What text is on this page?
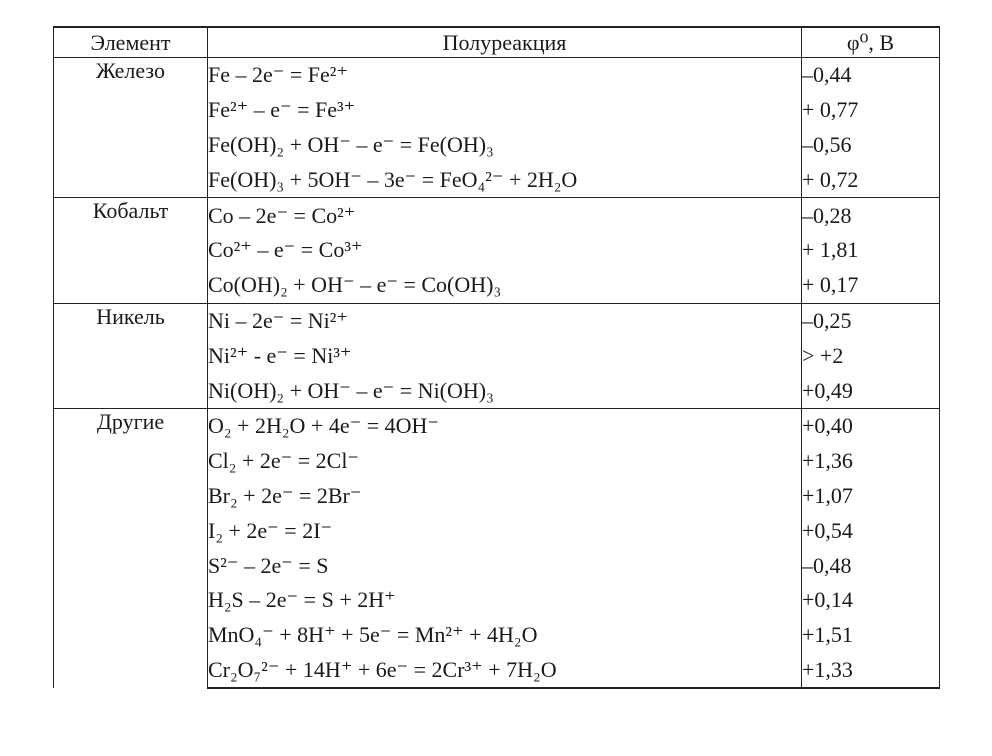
Элемент	Полуреакция	φ⁰, В
Железо	Fe – 2e⁻ = Fe²⁺	–0,44
	Fe²⁺ – e⁻ = Fe³⁺	+ 0,77
	Fe(OH)₂ + OH⁻ – e⁻ = Fe(OH)₃	–0,56
	Fe(OH)₃ + 5OH⁻ – 3e⁻ = FeO₄²⁻ + 2H₂O	+ 0,72
Кобальт	Co – 2e⁻ = Co²⁺	–0,28
	Co²⁺ – e⁻ = Co³⁺	+ 1,81
	Co(OH)₂ + OH⁻ – e⁻ = Co(OH)₃	+ 0,17
Никель	Ni – 2e⁻ = Ni²⁺	–0,25
	Ni²⁺ - e⁻ = Ni³⁺	> +2
	Ni(OH)₂ + OH⁻ – e⁻ = Ni(OH)₃	+0,49
Другие	O₂ + 2H₂O + 4e⁻ = 4OH⁻	+0,40
	Cl₂ + 2e⁻ = 2Cl⁻	+1,36
	Br₂ + 2e⁻ = 2Br⁻	+1,07
	I₂ + 2e⁻ = 2I⁻	+0,54
	S²⁻ – 2e⁻ = S	–0,48
	H₂S – 2e⁻ = S + 2H⁺	+0,14
	MnO₄⁻ + 8H⁺ + 5e⁻ = Mn²⁺ + 4H₂O	+1,51
	Cr₂O₇²⁻ + 14H⁺ + 6e⁻ = 2Cr³⁺ + 7H₂O	+1,33
